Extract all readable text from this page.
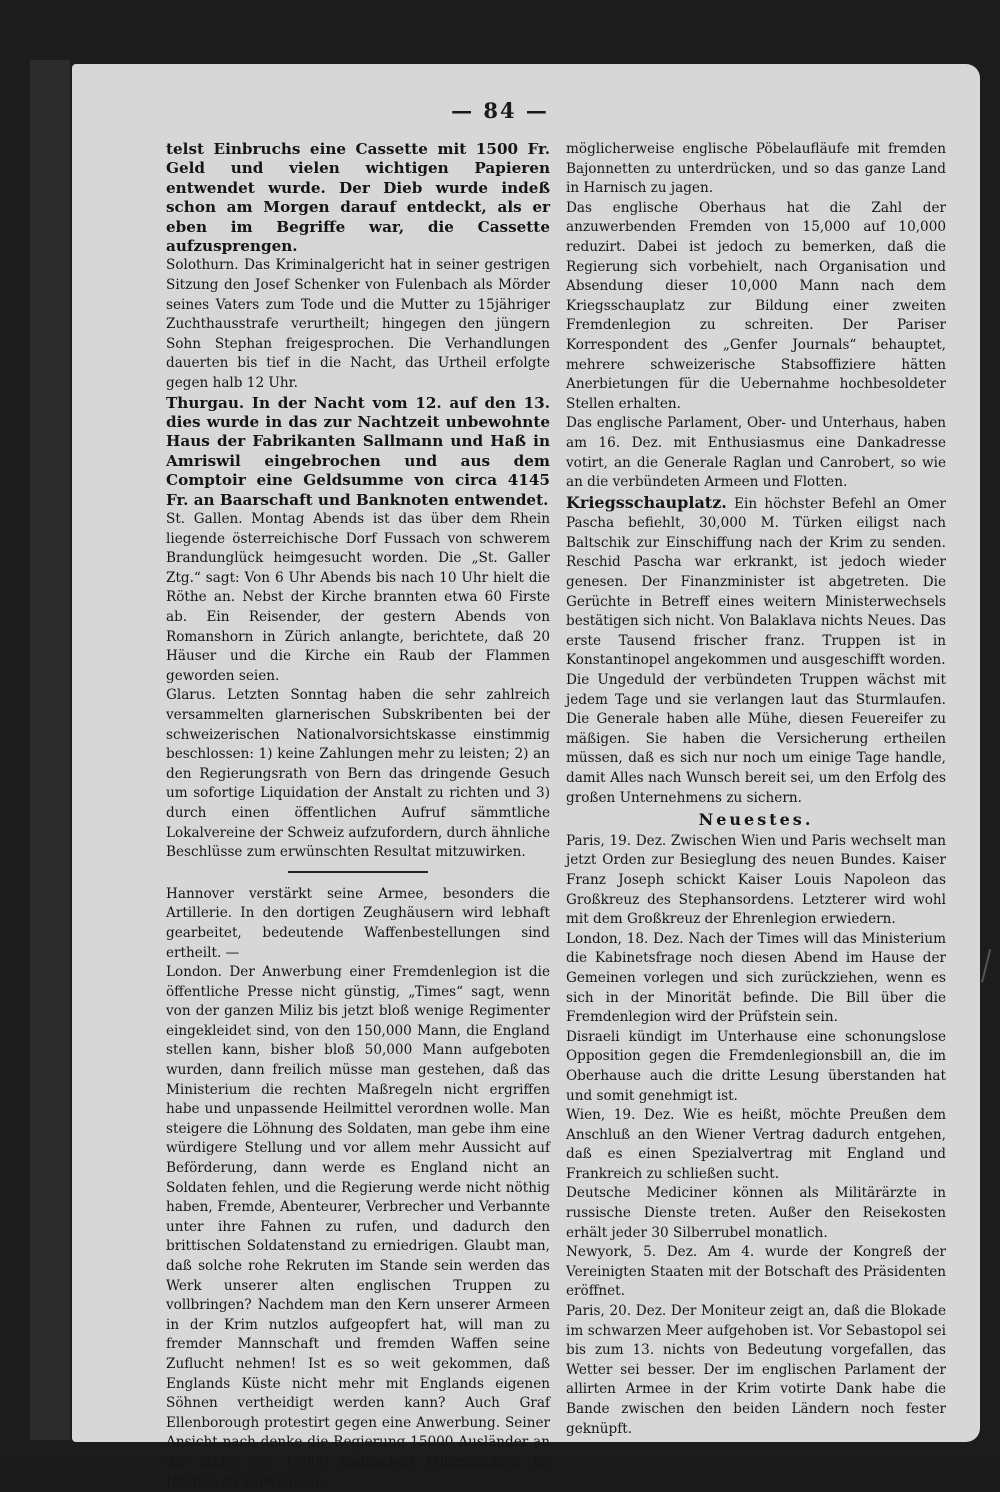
— 84 —

telst Einbruchs eine Cassette mit 1500 Fr. Geld und vielen wichtigen Papieren entwendet wurde. Der Dieb wurde indeß schon am Morgen darauf entdeckt, als er eben im Begriffe war, die Cassette aufzusprengen.

Solothurn. Das Kriminalgericht hat in seiner gestrigen Sitzung den Josef Schenker von Fulenbach als Mörder seines Vaters zum Tode und die Mutter zu 15jähriger Zuchthausstrafe verurtheilt; hingegen den jüngern Sohn Stephan freigesprochen. Die Verhandlungen dauerten bis tief in die Nacht, das Urtheil erfolgte gegen halb 12 Uhr.

Thurgau. In der Nacht vom 12. auf den 13. dies wurde in das zur Nachtzeit unbewohnte Haus der Fabrikanten Sallmann und Haß in Amriswil eingebrochen und aus dem Comptoir eine Geldsumme von circa 4145 Fr. an Baarschaft und Banknoten entwendet.

St. Gallen. Montag Abends ist das über dem Rhein liegende österreichische Dorf Fussach von schwerem Brandunglück heimgesucht worden. Die „St. Galler Ztg.“ sagt: Von 6 Uhr Abends bis nach 10 Uhr hielt die Röthe an. Nebst der Kirche brannten etwa 60 Firste ab. Ein Reisender, der gestern Abends von Romanshorn in Zürich anlangte, berichtete, daß 20 Häuser und die Kirche ein Raub der Flammen geworden seien.

Glarus. Letzten Sonntag haben die sehr zahlreich versammelten glarnerischen Subskribenten bei der schweizerischen Nationalvorsichtskasse einstimmig beschlossen: 1) keine Zahlungen mehr zu leisten; 2) an den Regierungsrath von Bern das dringende Gesuch um sofortige Liquidation der Anstalt zu richten und 3) durch einen öffentlichen Aufruf sämmtliche Lokalvereine der Schweiz aufzufordern, durch ähnliche Beschlüsse zum erwünschten Resultat mitzuwirken.

Hannover verstärkt seine Armee, besonders die Artillerie. In den dortigen Zeughäusern wird lebhaft gearbeitet, bedeutende Waffenbestellungen sind ertheilt. —

London. Der Anwerbung einer Fremdenlegion ist die öffentliche Presse nicht günstig, „Times“ sagt, wenn von der ganzen Miliz bis jetzt bloß wenige Regimenter eingekleidet sind, von den 150,000 Mann, die England stellen kann, bisher bloß 50,000 Mann aufgeboten wurden, dann freilich müsse man gestehen, daß das Ministerium die rechten Maßregeln nicht ergriffen habe und unpassende Heilmittel verordnen wolle. Man steigere die Löhnung des Soldaten, man gebe ihm eine würdigere Stellung und vor allem mehr Aussicht auf Beförderung, dann werde es England nicht an Soldaten fehlen, und die Regierung werde nicht nöthig haben, Fremde, Abenteurer, Verbrecher und Verbannte unter ihre Fahnen zu rufen, und dadurch den brittischen Soldatenstand zu erniedrigen. Glaubt man, daß solche rohe Rekruten im Stande sein werden das Werk unserer alten englischen Truppen zu vollbringen? Nachdem man den Kern unserer Armeen in der Krim nutzlos aufgeopfert hat, will man zu fremder Mannschaft und fremden Waffen seine Zuflucht nehmen! Ist es so weit gekommen, daß Englands Küste nicht mehr mit Englands eigenen Söhnen vertheidigt werden kann? Auch Graf Ellenborough protestirt gegen eine Anwerbung. Seiner Ansicht nach denke die Regierung 15000 Ausländer an die Stelle von 15000 englischen Milizmännern im Inlande zu verwenden,

möglicherweise englische Pöbelaufläufe mit fremden Bajonnetten zu unterdrücken, und so das ganze Land in Harnisch zu jagen.

Das englische Oberhaus hat die Zahl der anzuwerbenden Fremden von 15,000 auf 10,000 reduzirt. Dabei ist jedoch zu bemerken, daß die Regierung sich vorbehielt, nach Organisation und Absendung dieser 10,000 Mann nach dem Kriegsschauplatz zur Bildung einer zweiten Fremdenlegion zu schreiten. Der Pariser Korrespondent des „Genfer Journals“ behauptet, mehrere schweizerische Stabsoffiziere hätten Anerbietungen für die Uebernahme hochbesoldeter Stellen erhalten.

Das englische Parlament, Ober- und Unterhaus, haben am 16. Dez. mit Enthusiasmus eine Dankadresse votirt, an die Generale Raglan und Canrobert, so wie an die verbündeten Armeen und Flotten.

Kriegsschauplatz. Ein höchster Befehl an Omer Pascha befiehlt, 30,000 M. Türken eiligst nach Baltschik zur Einschiffung nach der Krim zu senden. Reschid Pascha war erkrankt, ist jedoch wieder genesen. Der Finanzminister ist abgetreten. Die Gerüchte in Betreff eines weitern Ministerwechsels bestätigen sich nicht. Von Balaklava nichts Neues. Das erste Tausend frischer franz. Truppen ist in Konstantinopel angekommen und ausgeschifft worden.

Die Ungeduld der verbündeten Truppen wächst mit jedem Tage und sie verlangen laut das Sturmlaufen. Die Generale haben alle Mühe, diesen Feuereifer zu mäßigen. Sie haben die Versicherung ertheilen müssen, daß es sich nur noch um einige Tage handle, damit Alles nach Wunsch bereit sei, um den Erfolg des großen Unternehmens zu sichern.

Neuestes.

Paris, 19. Dez. Zwischen Wien und Paris wechselt man jetzt Orden zur Besieglung des neuen Bundes. Kaiser Franz Joseph schickt Kaiser Louis Napoleon das Großkreuz des Stephansordens. Letzterer wird wohl mit dem Großkreuz der Ehrenlegion erwiedern.

London, 18. Dez. Nach der Times will das Ministerium die Kabinetsfrage noch diesen Abend im Hause der Gemeinen vorlegen und sich zurückziehen, wenn es sich in der Minorität befinde. Die Bill über die Fremdenlegion wird der Prüfstein sein.

Disraeli kündigt im Unterhause eine schonungslose Opposition gegen die Fremdenlegionsbill an, die im Oberhause auch die dritte Lesung überstanden hat und somit genehmigt ist.

Wien, 19. Dez. Wie es heißt, möchte Preußen dem Anschluß an den Wiener Vertrag dadurch entgehen, daß es einen Spezialvertrag mit England und Frankreich zu schließen sucht.

Deutsche Mediciner können als Militärärzte in russische Dienste treten. Außer den Reisekosten erhält jeder 30 Silberrubel monatlich.

Newyork, 5. Dez. Am 4. wurde der Kongreß der Vereinigten Staaten mit der Botschaft des Präsidenten eröffnet.

Paris, 20. Dez. Der Moniteur zeigt an, daß die Blokade im schwarzen Meer aufgehoben ist. Vor Sebastopol sei bis zum 13. nichts von Bedeutung vorgefallen, das Wetter sei besser. Der im englischen Parlament der allirten Armee in der Krim votirte Dank habe die Bande zwischen den beiden Ländern noch fester geknüpft.
